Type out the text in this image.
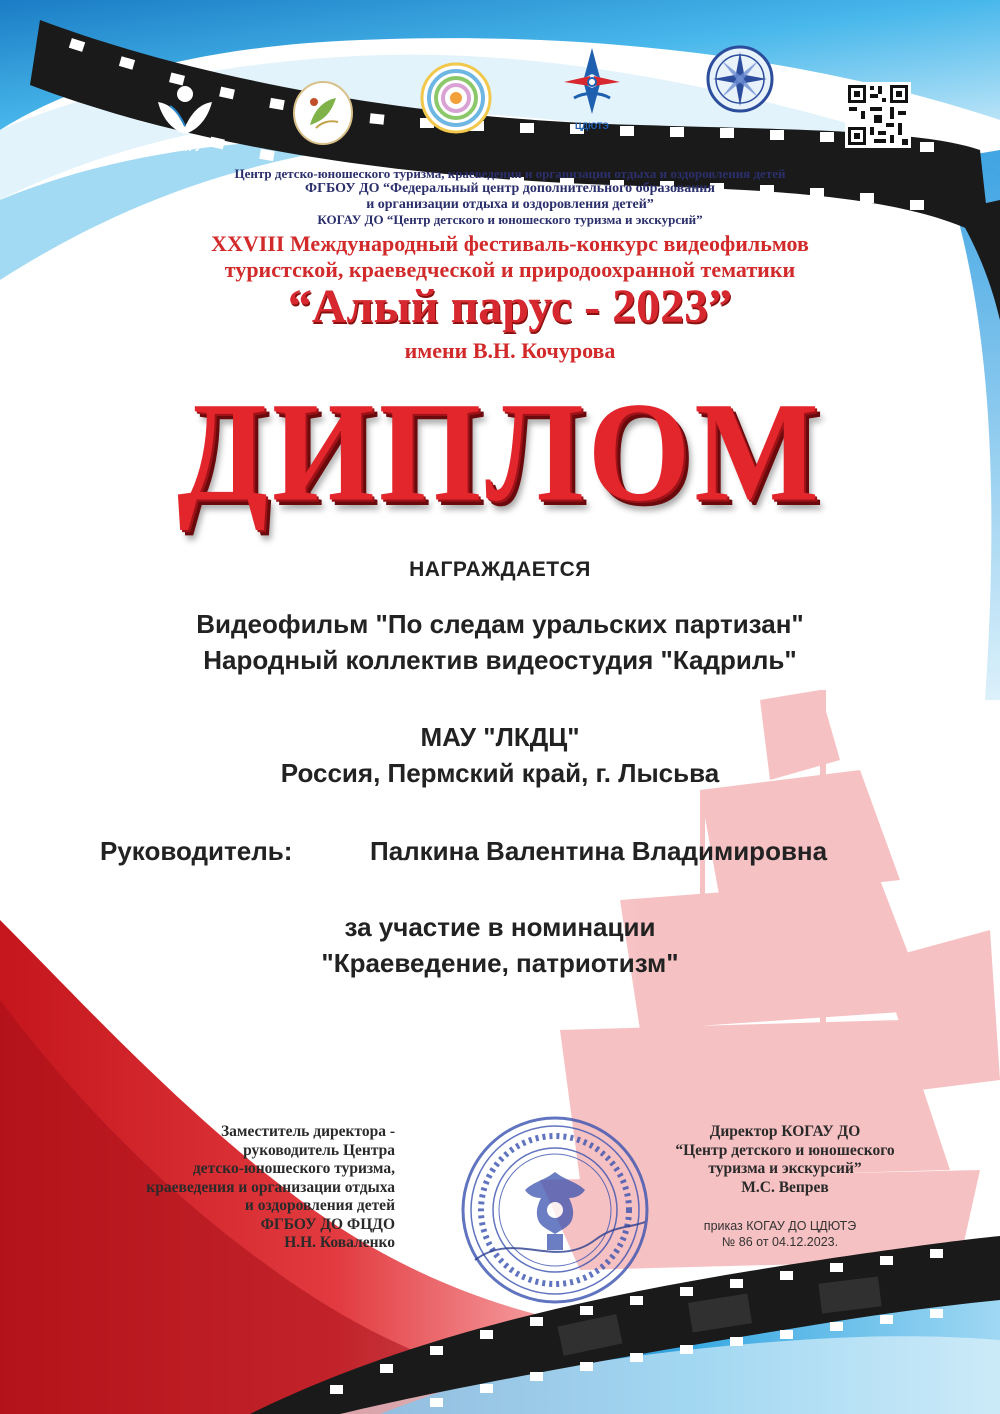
ВятГУ
ЦДЮТЭ
Центр детско-юношеского туризма, краеведения и организации отдыха и оздоровления детей
ФГБОУ ДО “Федеральный центр дополнительного образования
и организации отдыха и оздоровления детей”
КОГАУ ДО “Центр детского и юношеского туризма и экскурсий”
XXVIII Международный фестиваль-конкурс видеофильмов
туристской, краеведческой и природоохранной тематики
“Алый парус - 2023”
имени В.Н. Кочурова
ДИПЛОМ
НАГРАЖДАЕТСЯ
Видеофильм "По следам уральских партизан"
Народный коллектив видеостудия "Кадриль"
МАУ "ЛКДЦ"
Россия, Пермский край, г. Лысьва
Руководитель:	Палкина Валентина Владимировна
за участие в номинации
"Краеведение, патриотизм"
Заместитель директора -
руководитель Центра
детско-юношеского туризма,
краеведения и организации отдыха
и оздоровления детей
ФГБОУ ДО ФЦДО
Н.Н. Коваленко
Директор КОГАУ ДО
“Центр детского и юношеского
туризма и экскурсий”
М.С. Вепрев
приказ КОГАУ ДО ЦДЮТЭ
№ 86 от 04.12.2023.
